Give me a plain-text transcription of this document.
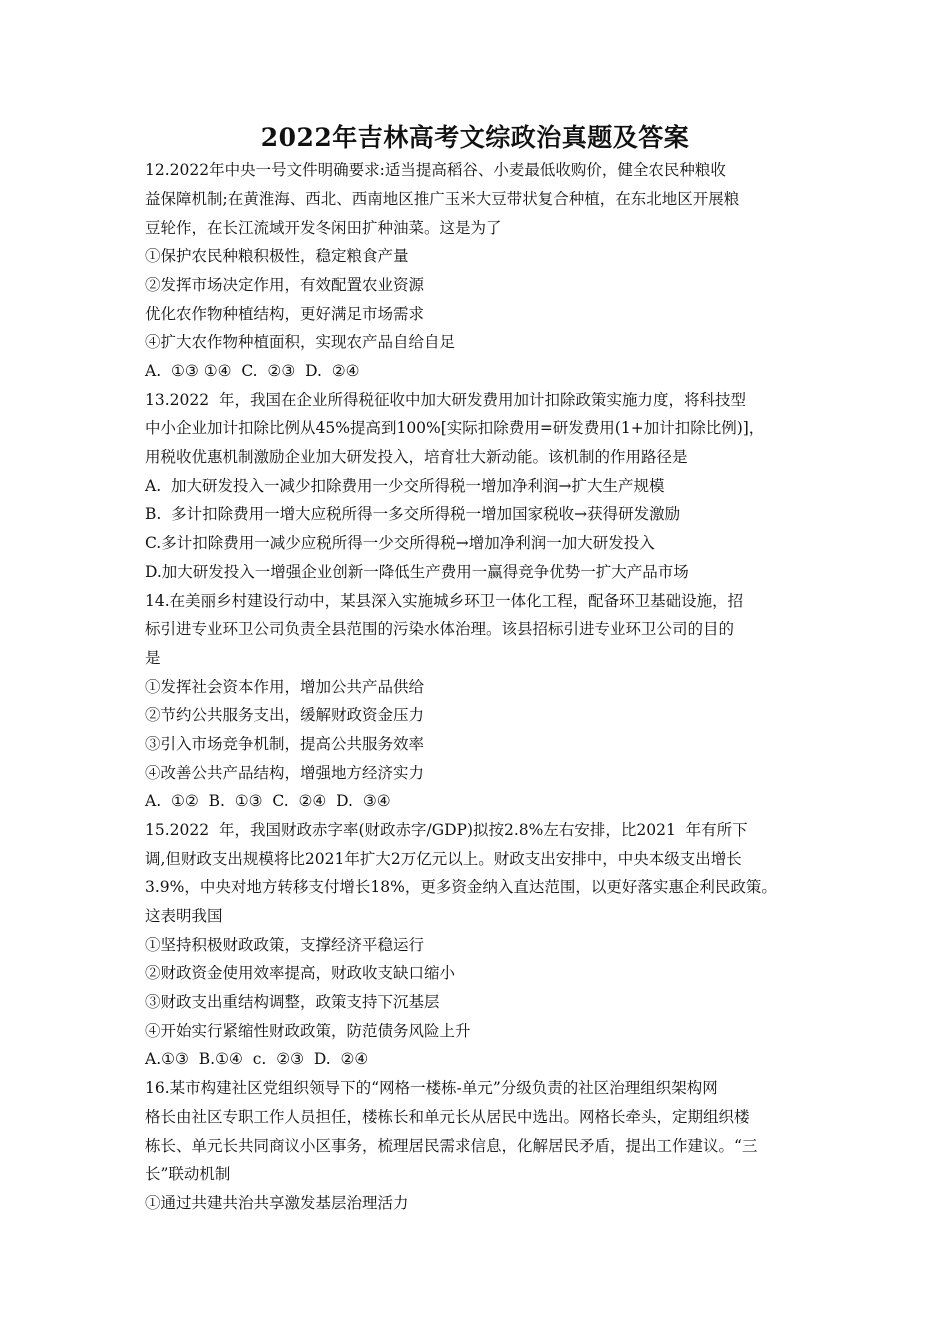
2022年吉林高考文综政治真题及答案
12.2022年中央一号文件明确要求:适当提高稻谷、小麦最低收购价，健全农民种粮收
益保障机制;在黄淮海、西北、西南地区推广玉米大豆带状复合种植，在东北地区开展粮
豆轮作，在长江流域开发冬闲田扩种油菜。这是为了
①保护农民种粮积极性，稳定粮食产量
②发挥市场决定作用，有效配置农业资源
优化农作物种植结构，更好满足市场需求
④扩大农作物种植面积，实现农产品自给自足
A.  ①③ ①④  C.  ②③  D.  ②④
13.2022  年，我国在企业所得税征收中加大研发费用加计扣除政策实施力度，将科技型
中小企业加计扣除比例从45%提高到100%[实际扣除费用=研发费用(1+加计扣除比例)]，
用税收优惠机制激励企业加大研发投入，培育壮大新动能。该机制的作用路径是
A.  加大研发投入一减少扣除费用一少交所得税一增加净利润→扩大生产规模
B.  多计扣除费用一增大应税所得一多交所得税一增加国家税收→获得研发激励
C.多计扣除费用一减少应税所得一少交所得税→增加净利润一加大研发投入
D.加大研发投入一增强企业创新一降低生产费用一赢得竞争优势一扩大产品市场
14.在美丽乡村建设行动中，某县深入实施城乡环卫一体化工程，配备环卫基础设施，招
标引进专业环卫公司负责全县范围的污染水体治理。该县招标引进专业环卫公司的目的
是
①发挥社会资本作用，增加公共产品供给
②节约公共服务支出，缓解财政资金压力
③引入市场竞争机制，提高公共服务效率
④改善公共产品结构，增强地方经济实力
A.  ①②  B.  ①③  C.  ②④  D.  ③④
15.2022  年，我国财政赤字率(财政赤字/GDP)拟按2.8%左右安排，比2021  年有所下
调,但财政支出规模将比2021年扩大2万亿元以上。财政支出安排中，中央本级支出增长
3.9%，中央对地方转移支付增长18%，更多资金纳入直达范围，以更好落实惠企利民政策。
这表明我国
①坚持积极财政政策，支撑经济平稳运行
②财政资金使用效率提高，财政收支缺口缩小
③财政支出重结构调整，政策支持下沉基层
④开始实行紧缩性财政政策，防范债务风险上升
A.①③  B.①④  c.  ②③  D.  ②④
16.某市构建社区党组织领导下的“网格一楼栋-单元”分级负责的社区治理组织架构网
格长由社区专职工作人员担任，楼栋长和单元长从居民中选出。网格长牵头，定期组织楼
栋长、单元长共同商议小区事务，梳理居民需求信息，化解居民矛盾，提出工作建议。“三
长”联动机制
①通过共建共治共享激发基层治理活力
